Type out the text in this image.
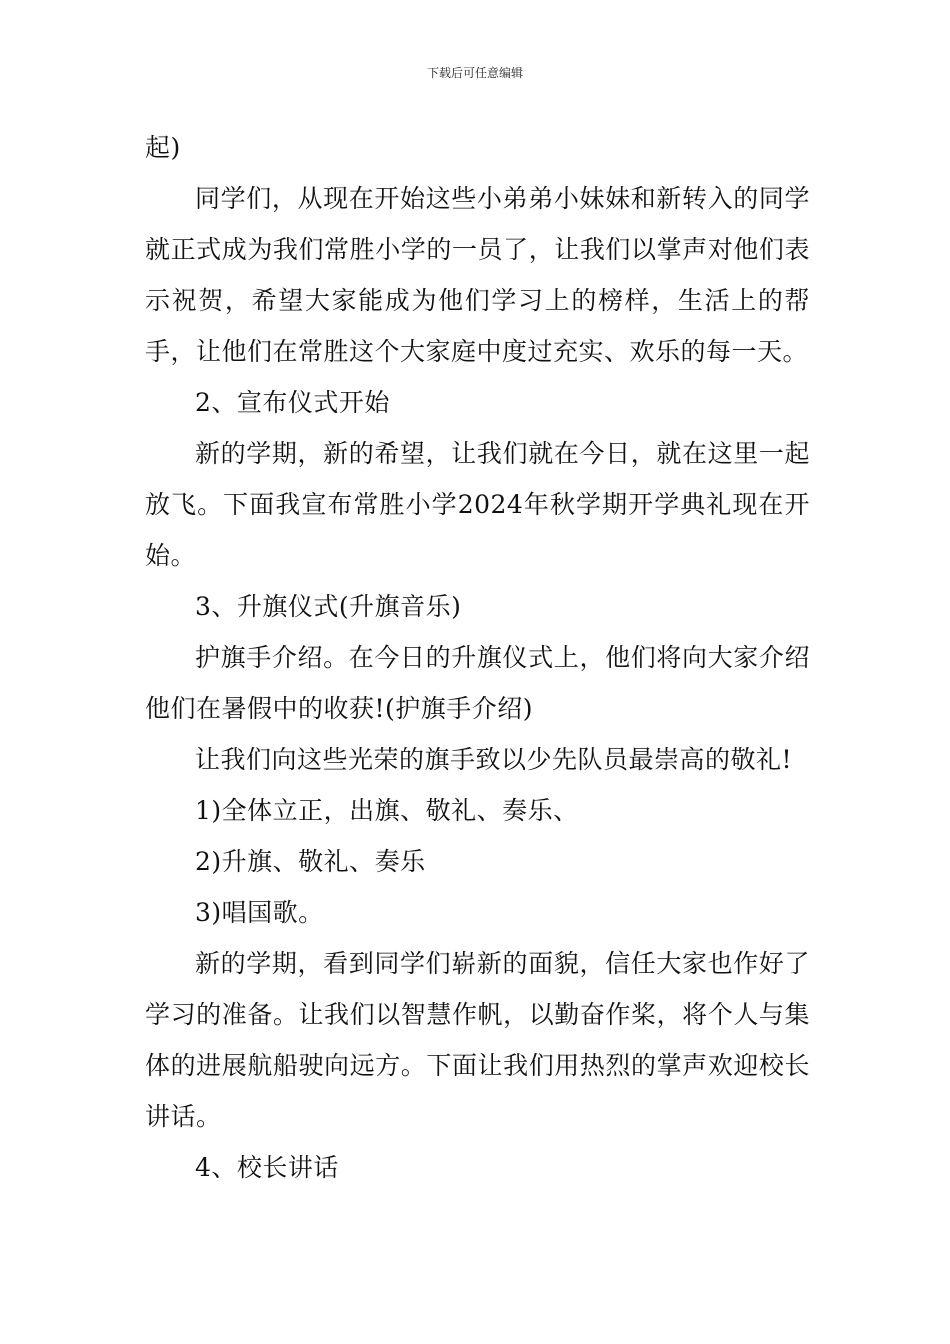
下载后可任意编辑

起)

同学们，从现在开始这些小弟弟小妹妹和新转入的同学就正式成为我们常胜小学的一员了，让我们以掌声对他们表示祝贺，希望大家能成为他们学习上的榜样，生活上的帮手，让他们在常胜这个大家庭中度过充实、欢乐的每一天。

2、宣布仪式开始

新的学期，新的希望，让我们就在今日，就在这里一起放飞。下面我宣布常胜小学2024年秋学期开学典礼现在开始。

3、升旗仪式(升旗音乐)

护旗手介绍。在今日的升旗仪式上，他们将向大家介绍他们在暑假中的收获!(护旗手介绍)

让我们向这些光荣的旗手致以少先队员最崇高的敬礼!

1)全体立正，出旗、敬礼、奏乐、

2)升旗、敬礼、奏乐

3)唱国歌。

新的学期，看到同学们崭新的面貌，信任大家也作好了学习的准备。让我们以智慧作帆，以勤奋作桨，将个人与集体的进展航船驶向远方。下面让我们用热烈的掌声欢迎校长讲话。

4、校长讲话
